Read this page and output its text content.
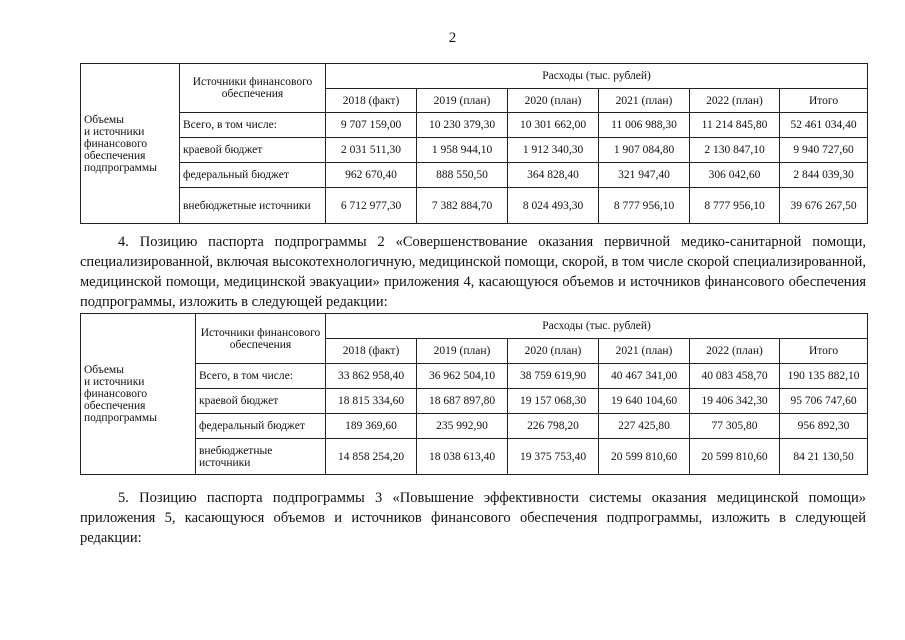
2
Объемы
и источники
финансового
обеспечения
подпрограммы	Источники финансового обеспечения	Расходы (тыс. рублей)					
		2018 (факт)	2019 (план)	2020 (план)	2021 (план)	2022 (план)	Итого
	Всего, в том числе:	9 707 159,00	10 230 379,30	10 301 662,00	11 006 988,30	11 214 845,80	52 461 034,40
	краевой бюджет	2 031 511,30	1 958 944,10	1 912 340,30	1 907 084,80	2 130 847,10	9 940 727,60
	федеральный бюджет	962 670,40	888 550,50	364 828,40	321 947,40	306 042,60	2 844 039,30
	внебюджетные источники	6 712 977,30	7 382 884,70	8 024 493,30	8 777 956,10	8 777 956,10	39 676 267,50

4. Позицию паспорта подпрограммы 2 «Совершенствование оказания первичной медико-санитарной помощи, специализированной, включая высокотехнологичную, медицинской помощи, скорой, в том числе скорой специализированной, медицинской помощи, медицинской эвакуации» приложения 4, касающуюся объемов и источников финансового обеспечения подпрограммы, изложить в следующей редакции:

Объемы
и источники
финансового
обеспечения
подпрограммы	Источники финансового обеспечения	Расходы (тыс. рублей)					
		2018 (факт)	2019 (план)	2020 (план)	2021 (план)	2022 (план)	Итого
	Всего, в том числе:	33 862 958,40	36 962 504,10	38 759 619,90	40 467 341,00	40 083 458,70	190 135 882,10
	краевой бюджет	18 815 334,60	18 687 897,80	19 157 068,30	19 640 104,60	19 406 342,30	95 706 747,60
	федеральный бюджет	189 369,60	235 992,90	226 798,20	227 425,80	77 305,80	956 892,30
	внебюджетные источники	14 858 254,20	18 038 613,40	19 375 753,40	20 599 810,60	20 599 810,60	84 21 130,50

5. Позицию паспорта подпрограммы 3 «Повышение эффективности системы оказания медицинской помощи» приложения 5, касающуюся объемов и источников финансового обеспечения подпрограммы, изложить в следующей редакции:
